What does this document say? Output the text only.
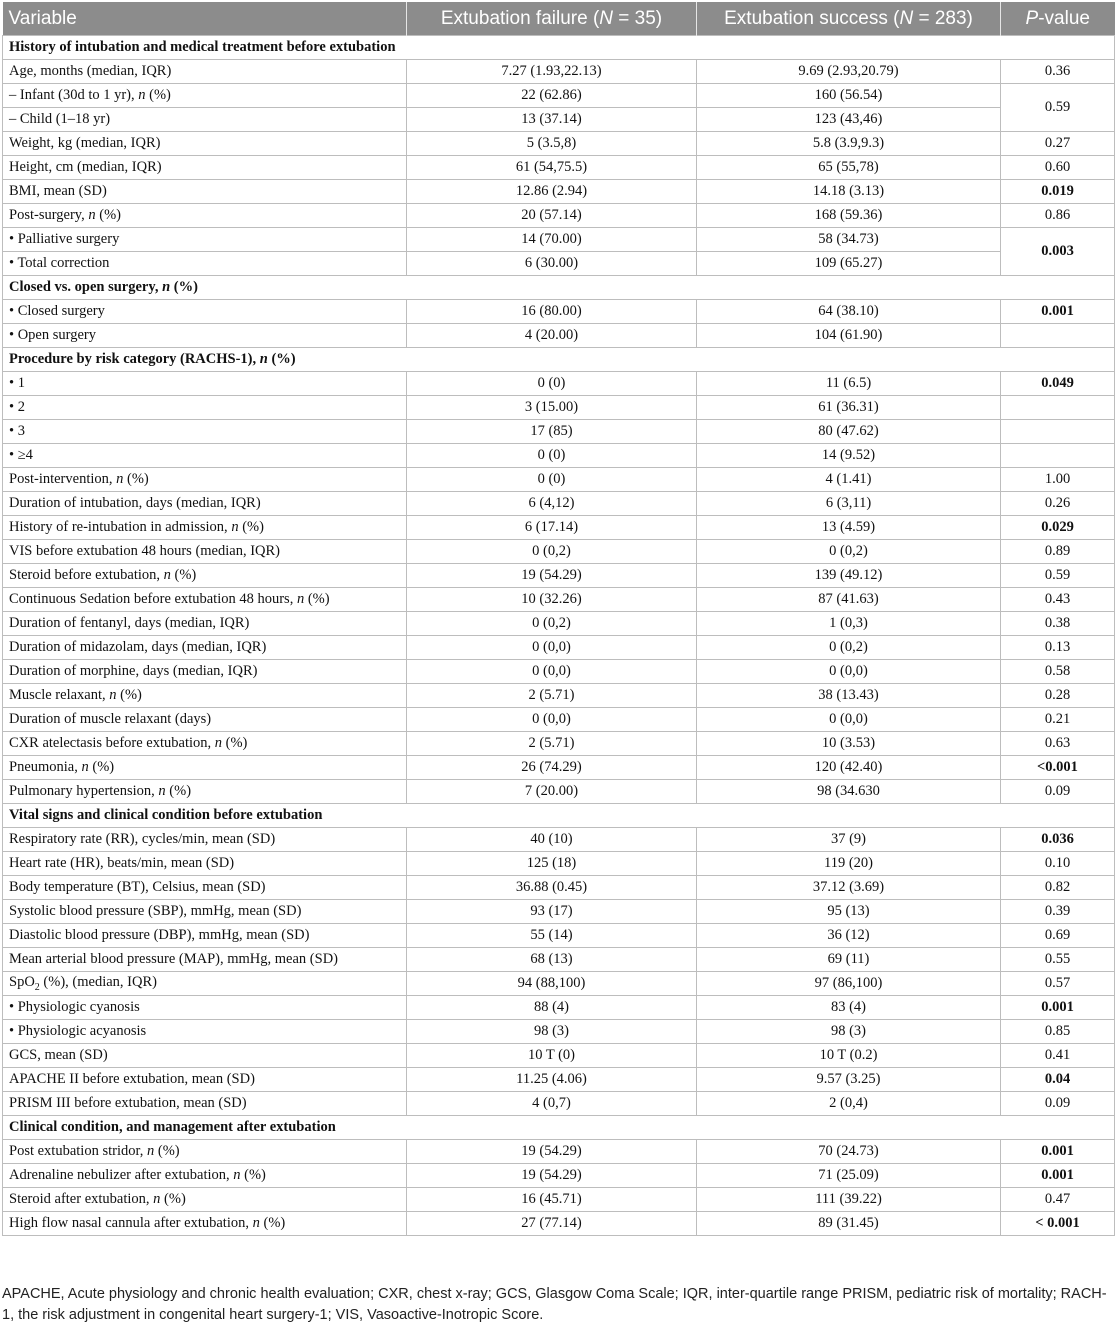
Variable	Extubation failure (N = 35)	Extubation success (N = 283)	P-value
History of intubation and medical treatment before extubation			
Age, months (median, IQR)	7.27 (1.93,22.13)	9.69 (2.93,20.79)	0.36
– Infant (30d to 1 yr), n (%)	22 (62.86)	160 (56.54)	0.59
– Child (1–18 yr)	13 (37.14)	123 (43,46)	
Weight, kg (median, IQR)	5 (3.5,8)	5.8 (3.9,9.3)	0.27
Height, cm (median, IQR)	61 (54,75.5)	65 (55,78)	0.60
BMI, mean (SD)	12.86 (2.94)	14.18 (3.13)	0.019
Post-surgery, n (%)	20 (57.14)	168 (59.36)	0.86
• Palliative surgery	14 (70.00)	58 (34.73)	0.003
• Total correction	6 (30.00)	109 (65.27)	
Closed vs. open surgery, n (%)			
• Closed surgery	16 (80.00)	64 (38.10)	0.001
• Open surgery	4 (20.00)	104 (61.90)	
Procedure by risk category (RACHS-1), n (%)			
• 1	0 (0)	11 (6.5)	0.049
• 2	3 (15.00)	61 (36.31)	
• 3	17 (85)	80 (47.62)	
• ≥4	0 (0)	14 (9.52)	
Post-intervention, n (%)	0 (0)	4 (1.41)	1.00
Duration of intubation, days (median, IQR)	6 (4,12)	6 (3,11)	0.26
History of re-intubation in admission, n (%)	6 (17.14)	13 (4.59)	0.029
VIS before extubation 48 hours (median, IQR)	0 (0,2)	0 (0,2)	0.89
Steroid before extubation, n (%)	19 (54.29)	139 (49.12)	0.59
Continuous Sedation before extubation 48 hours, n (%)	10 (32.26)	87 (41.63)	0.43
Duration of fentanyl, days (median, IQR)	0 (0,2)	1 (0,3)	0.38
Duration of midazolam, days (median, IQR)	0 (0,0)	0 (0,2)	0.13
Duration of morphine, days (median, IQR)	0 (0,0)	0 (0,0)	0.58
Muscle relaxant, n (%)	2 (5.71)	38 (13.43)	0.28
Duration of muscle relaxant (days)	0 (0,0)	0 (0,0)	0.21
CXR atelectasis before extubation, n (%)	2 (5.71)	10 (3.53)	0.63
Pneumonia, n (%)	26 (74.29)	120 (42.40)	<0.001
Pulmonary hypertension, n (%)	7 (20.00)	98 (34.630	0.09
Vital signs and clinical condition before extubation			
Respiratory rate (RR), cycles/min, mean (SD)	40 (10)	37 (9)	0.036
Heart rate (HR), beats/min, mean (SD)	125 (18)	119 (20)	0.10
Body temperature (BT), Celsius, mean (SD)	36.88 (0.45)	37.12 (3.69)	0.82
Systolic blood pressure (SBP), mmHg, mean (SD)	93 (17)	95 (13)	0.39
Diastolic blood pressure (DBP), mmHg, mean (SD)	55 (14)	36 (12)	0.69
Mean arterial blood pressure (MAP), mmHg, mean (SD)	68 (13)	69 (11)	0.55
SpO$_2$ (%), (median, IQR)	94 (88,100)	97 (86,100)	0.57
• Physiologic cyanosis	88 (4)	83 (4)	0.001
• Physiologic acyanosis	98 (3)	98 (3)	0.85
GCS, mean (SD)	10 T (0)	10 T (0.2)	0.41
APACHE II before extubation, mean (SD)	11.25 (4.06)	9.57 (3.25)	0.04
PRISM III before extubation, mean (SD)	4 (0,7)	2 (0,4)	0.09
Clinical condition, and management after extubation			
Post extubation stridor, n (%)	19 (54.29)	70 (24.73)	0.001
Adrenaline nebulizer after extubation, n (%)	19 (54.29)	71 (25.09)	0.001
Steroid after extubation, n (%)	16 (45.71)	111 (39.22)	0.47
High flow nasal cannula after extubation, n (%)	27 (77.14)	89 (31.45)	< 0.001
APACHE, Acute physiology and chronic health evaluation; CXR, chest x-ray; GCS, Glasgow Coma Scale; IQR, inter-quartile range PRISM, pediatric risk of mortality; RACH-1, the risk adjustment in congenital heart surgery-1; VIS, Vasoactive-Inotropic Score.
